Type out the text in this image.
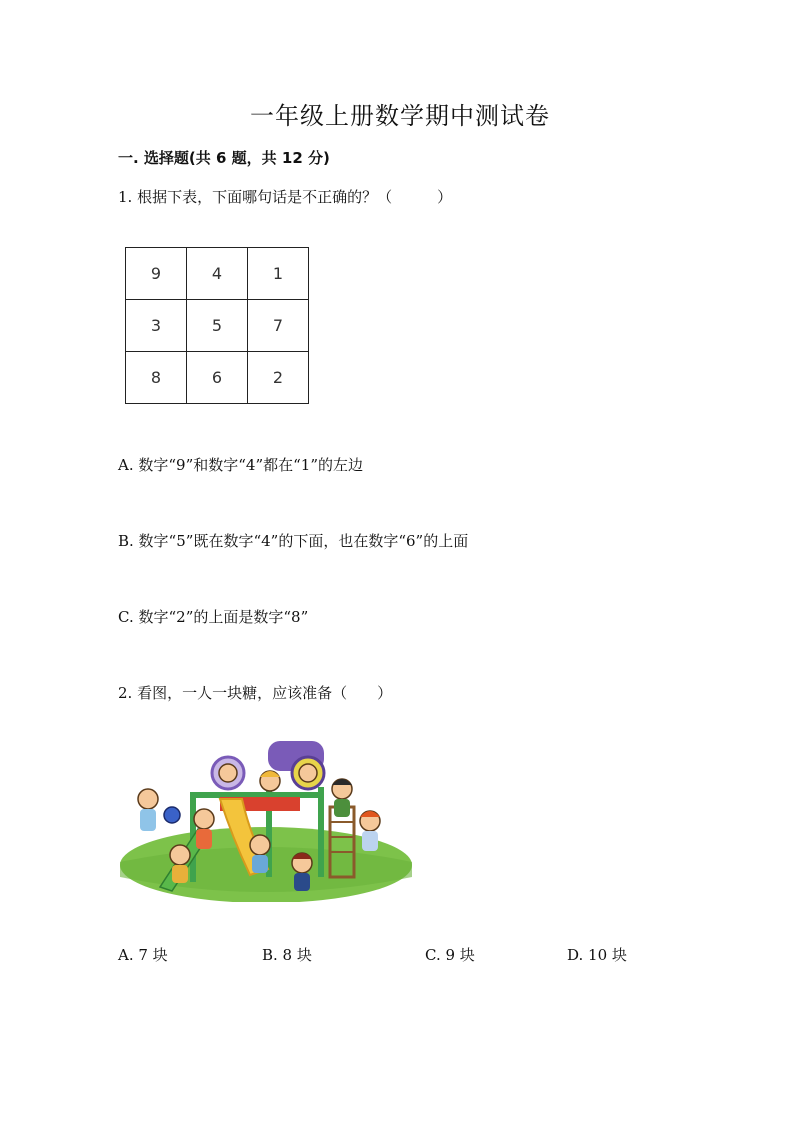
一年级上册数学期中测试卷
一. 选择题(共 6 题，共 12 分)
1. 根据下表，下面哪句话是不正确的？（　　　）
9	4	1
3	5	7
8	6	2
A. 数字“9”和数字“4”都在“1”的左边
B. 数字“5”既在数字“4”的下面，也在数字“6”的上面
C. 数字“2”的上面是数字“8”
2. 看图，一人一块糖，应该准备（　　）
A. 7 块	B. 8 块	C. 9 块	D. 10 块
